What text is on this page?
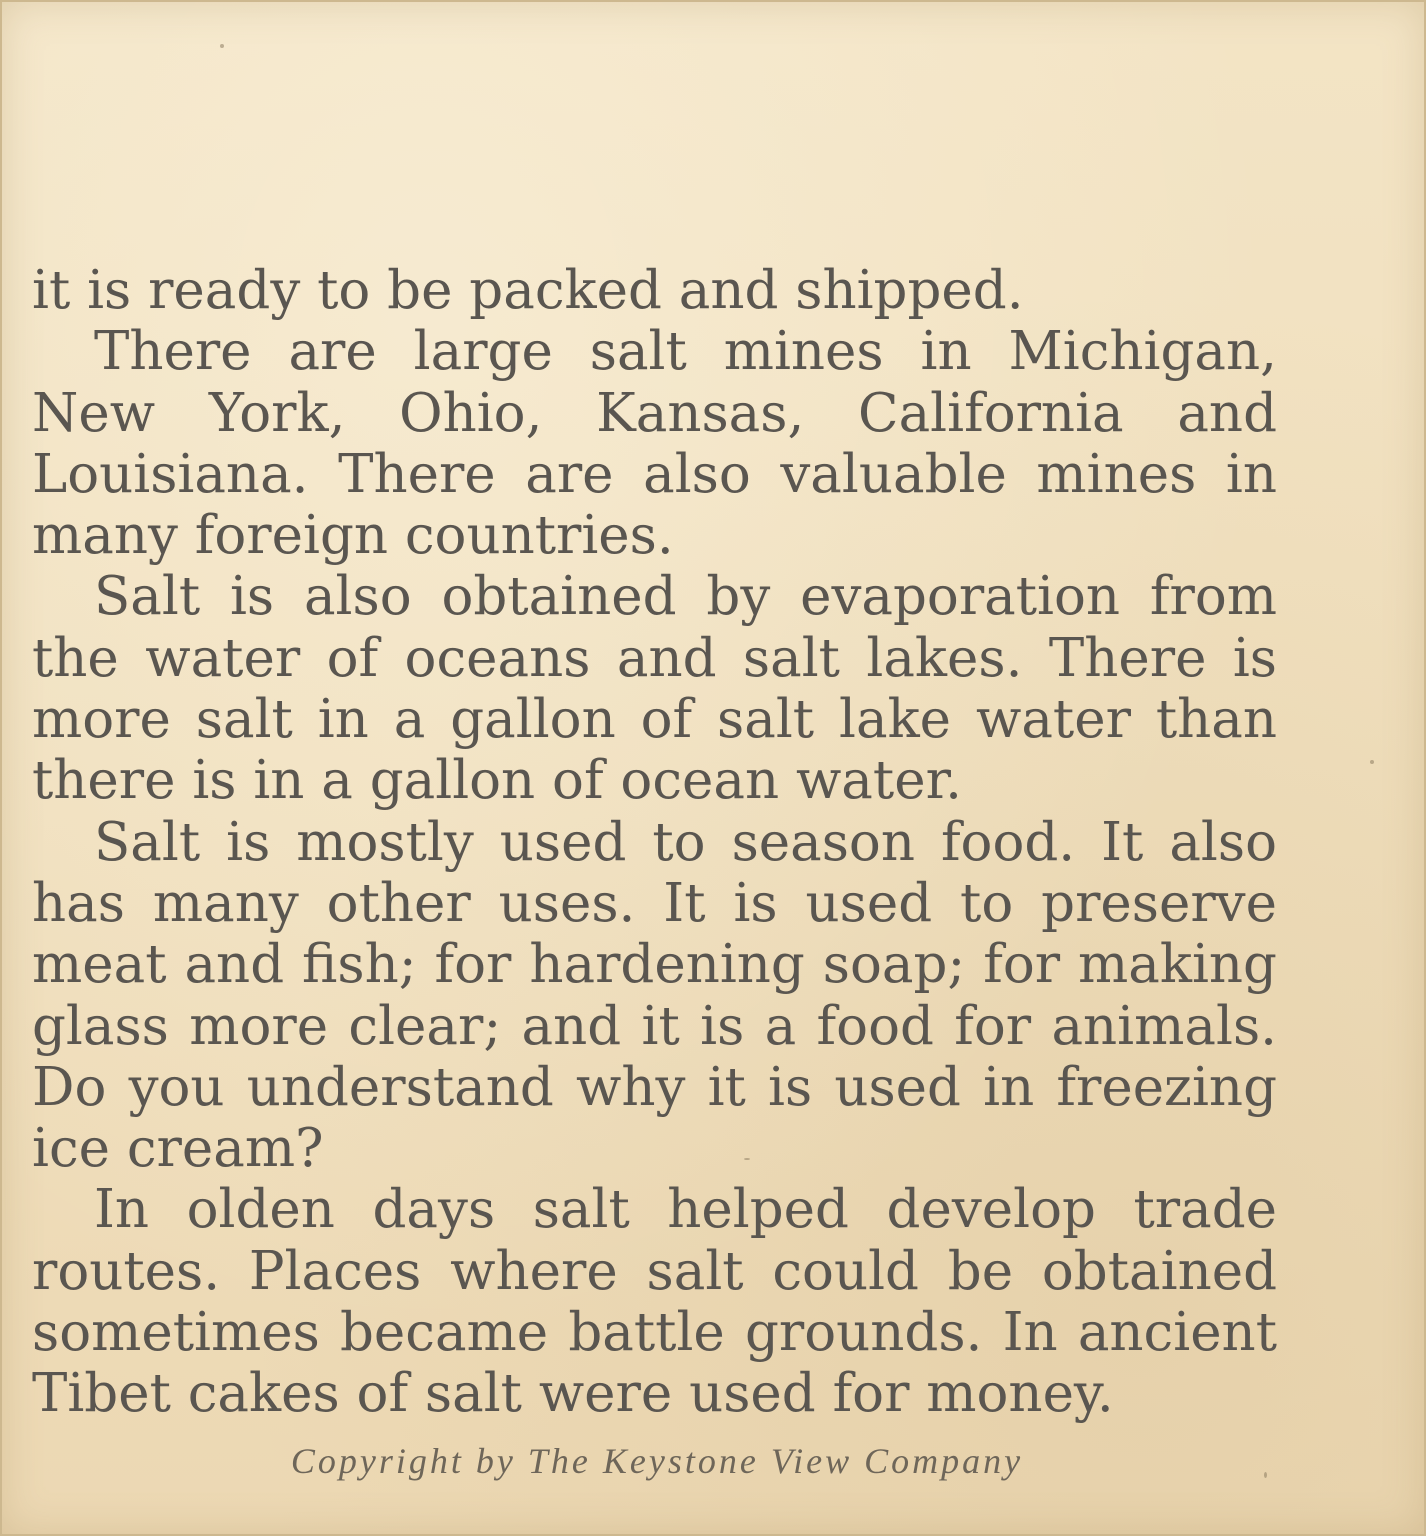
it is ready to be packed and shipped.

There are large salt mines in Michigan, New York, Ohio, Kansas, California and Louisiana. There are also valuable mines in many foreign countries.

Salt is also obtained by evaporation from the water of oceans and salt lakes. There is more salt in a gallon of salt lake water than there is in a gallon of ocean water.

Salt is mostly used to season food. It also has many other uses. It is used to preserve meat and fish; for hardening soap; for making glass more clear; and it is a food for animals. Do you understand why it is used in freezing ice cream?

In olden days salt helped develop trade routes. Places where salt could be obtained sometimes became battle grounds. In ancient Tibet cakes of salt were used for money.

Copyright by The Keystone View Company
